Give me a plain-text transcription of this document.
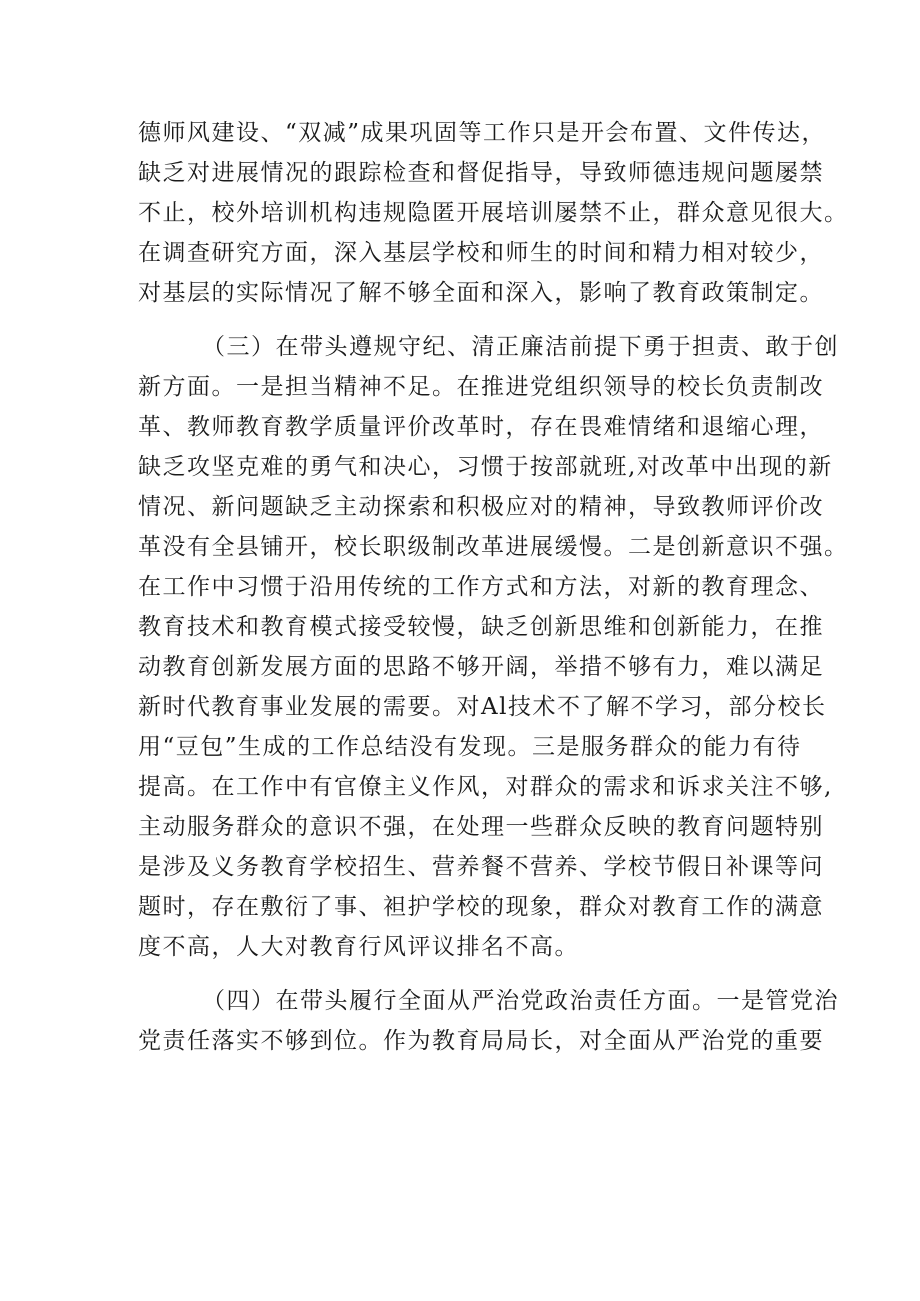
德师风建设、“双减”成果巩固等工作只是开会布置、文件传达，
缺乏对进展情况的跟踪检查和督促指导，导致师德违规问题屡禁
不止，校外培训机构违规隐匿开展培训屡禁不止，群众意见很大。
在调查研究方面，深入基层学校和师生的时间和精力相对较少，
对基层的实际情况了解不够全面和深入，影响了教育政策制定。
（三）在带头遵规守纪、清正廉洁前提下勇于担责、敢于创
新方面。一是担当精神不足。在推进党组织领导的校长负责制改
革、教师教育教学质量评价改革时，存在畏难情绪和退缩心理，
缺乏攻坚克难的勇气和决心，习惯于按部就班,对改革中出现的新
情况、新问题缺乏主动探索和积极应对的精神，导致教师评价改
革没有全县铺开，校长职级制改革进展缓慢。二是创新意识不强。
在工作中习惯于沿用传统的工作方式和方法，对新的教育理念、
教育技术和教育模式接受较慢，缺乏创新思维和创新能力，在推
动教育创新发展方面的思路不够开阔，举措不够有力，难以满足
新时代教育事业发展的需要。对Al技术不了解不学习，部分校长
用“豆包”生成的工作总结没有发现。三是服务群众的能力有待
提高。在工作中有官僚主义作风，对群众的需求和诉求关注不够,
主动服务群众的意识不强，在处理一些群众反映的教育问题特别
是涉及义务教育学校招生、营养餐不营养、学校节假日补课等问
题时，存在敷衍了事、袒护学校的现象，群众对教育工作的满意
度不高，人大对教育行风评议排名不高。
（四）在带头履行全面从严治党政治责任方面。一是管党治
党责任落实不够到位。作为教育局局长，对全面从严治党的重要
